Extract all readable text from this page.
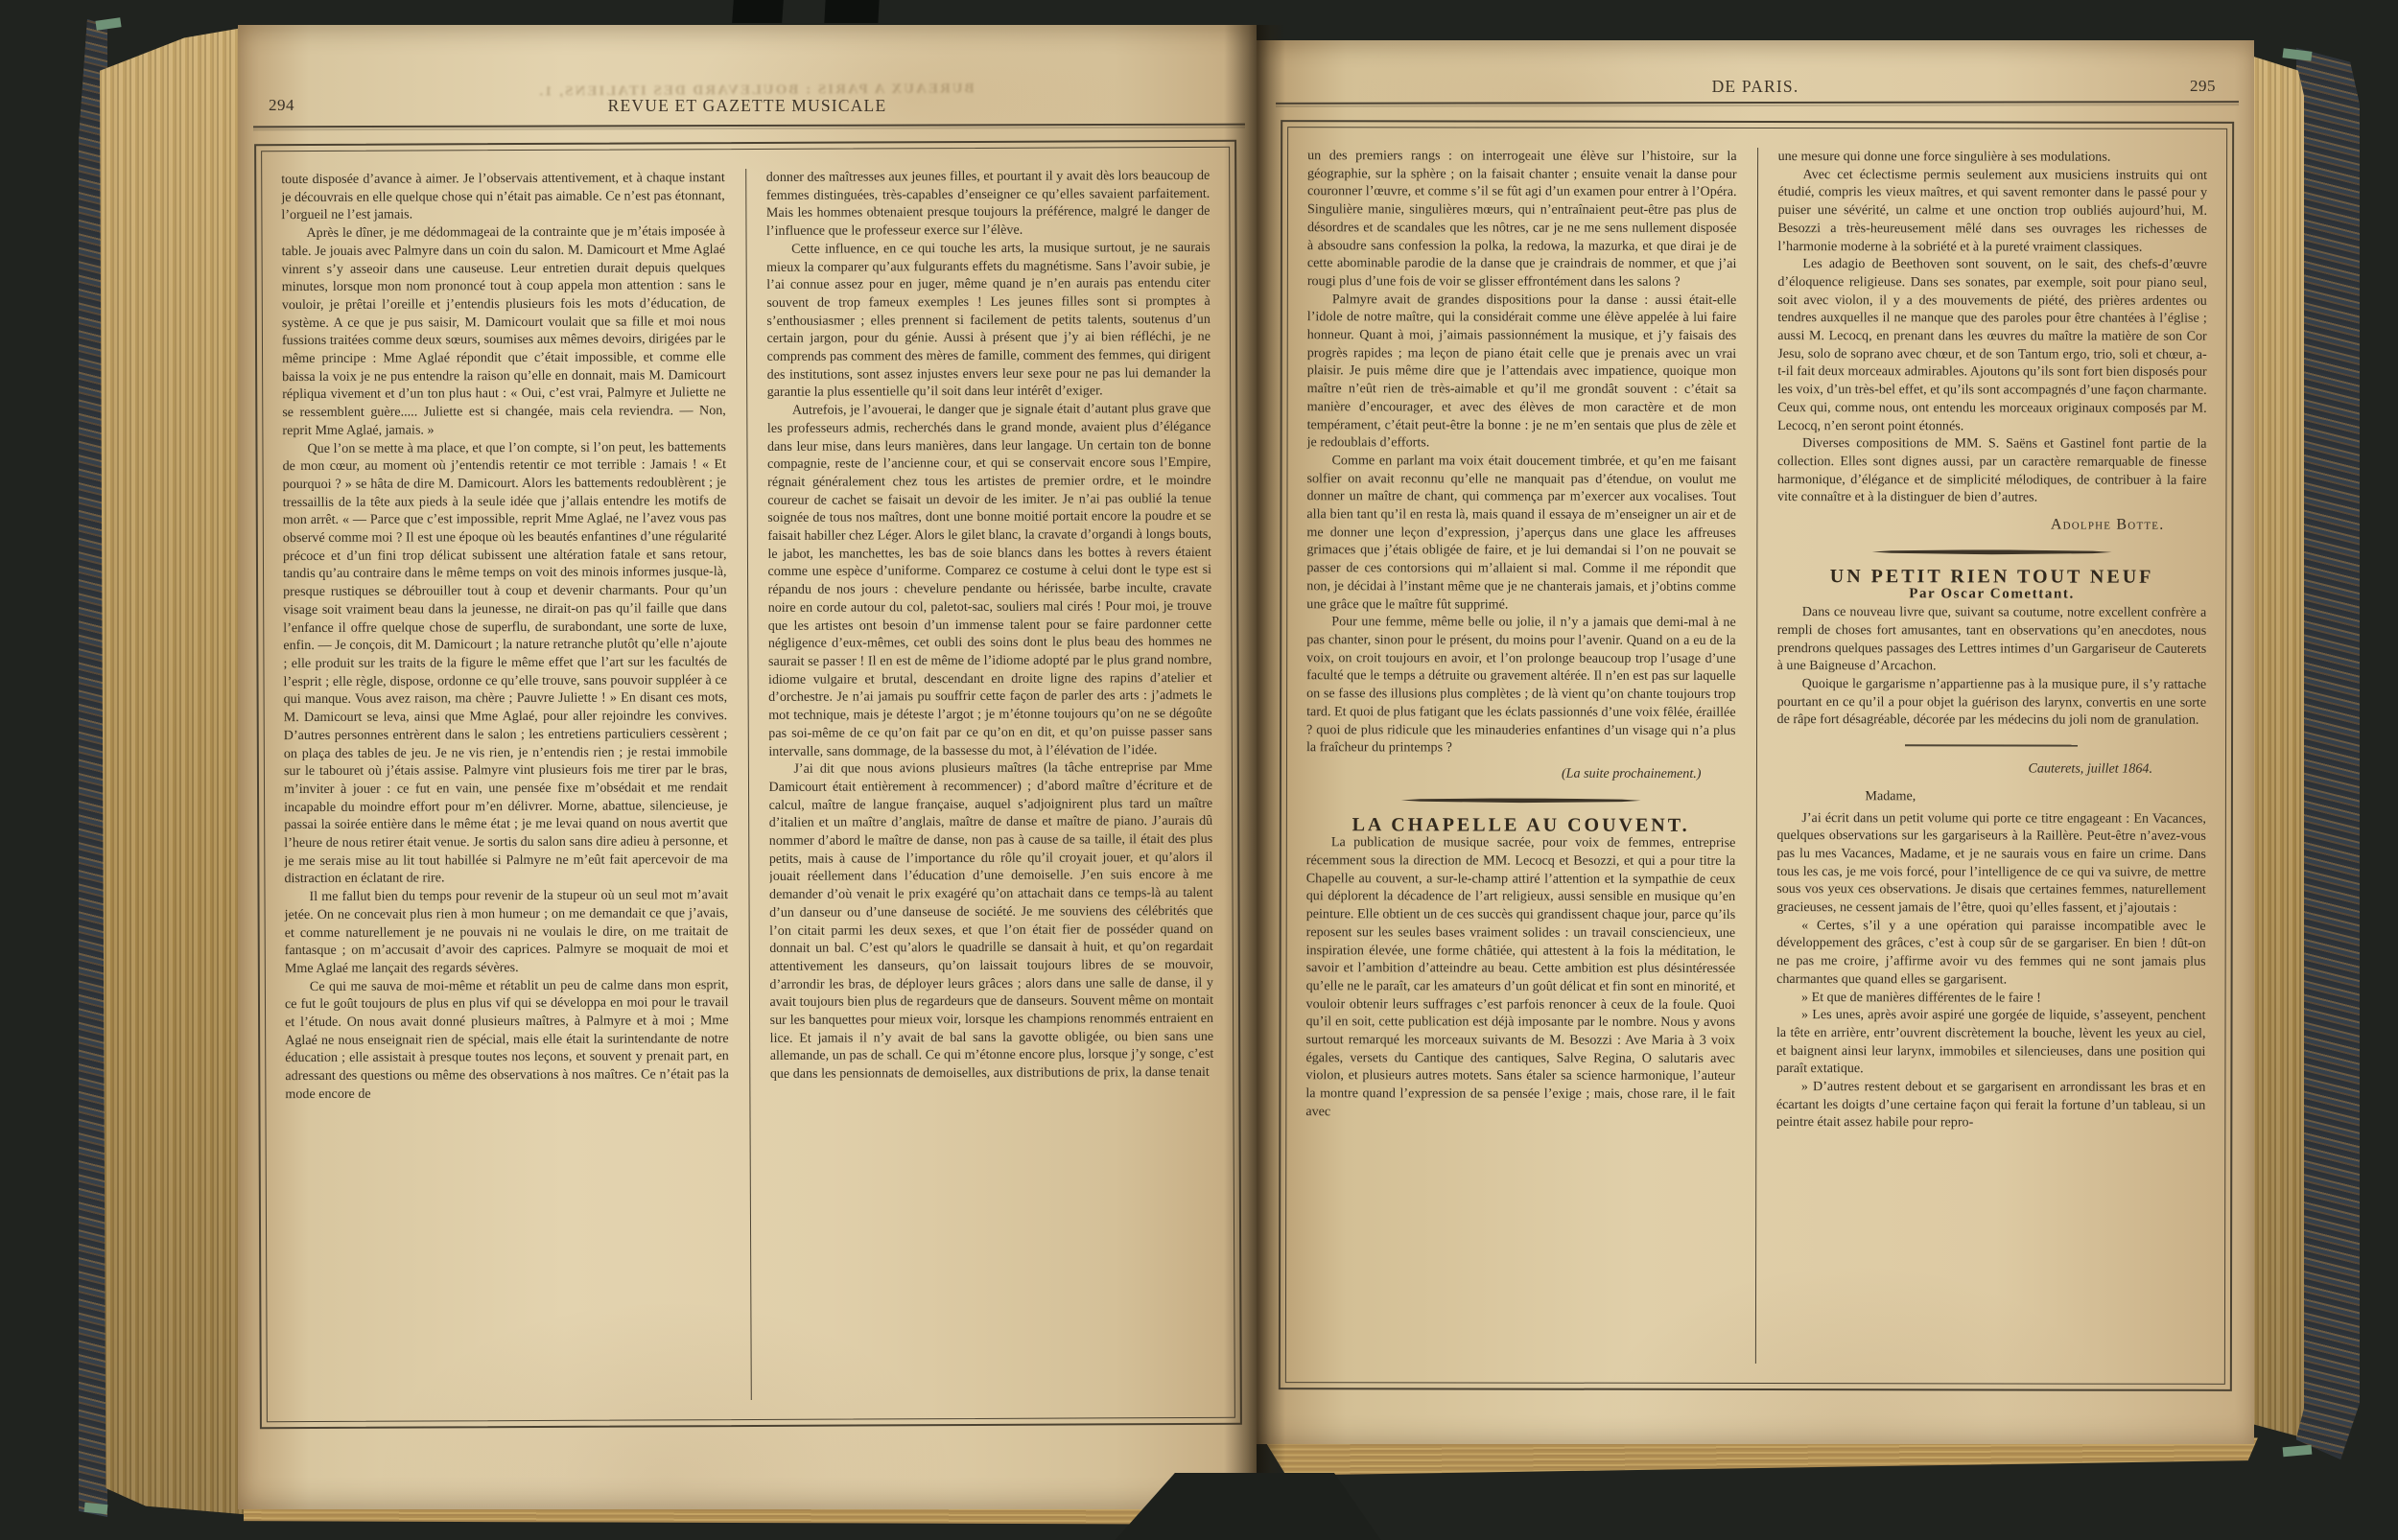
BUREAUX A PARIS : BOULEVARD DES ITALIENS, 1.
294	REVUE ET GAZETTE MUSICALE

toute disposée d’avance à aimer. Je l’observais attentivement, et à chaque instant je découvrais en elle quelque chose qui n’était pas aimable. Ce n’est pas étonnant, l’orgueil ne l’est jamais.

Après le dîner, je me dédommageai de la contrainte que je m’étais imposée à table. Je jouais avec Palmyre dans un coin du salon. M. Damicourt et Mme Aglaé vinrent s’y asseoir dans une causeuse. Leur entretien durait depuis quelques minutes, lorsque mon nom prononcé tout à coup appela mon attention : sans le vouloir, je prêtai l’oreille et j’entendis plusieurs fois les mots d’éducation, de système. A ce que je pus saisir, M. Damicourt voulait que sa fille et moi nous fussions traitées comme deux sœurs, soumises aux mêmes devoirs, dirigées par le même principe : Mme Aglaé répondit que c’était impossible, et comme elle baissa la voix je ne pus entendre la raison qu’elle en donnait, mais M. Damicourt répliqua vivement et d’un ton plus haut : « Oui, c’est vrai, Palmyre et Juliette ne se ressemblent guère..... Juliette est si changée, mais cela reviendra. — Non, reprit Mme Aglaé, jamais. »

Que l’on se mette à ma place, et que l’on compte, si l’on peut, les battements de mon cœur, au moment où j’entendis retentir ce mot terrible : Jamais ! « Et pourquoi ? » se hâta de dire M. Damicourt. Alors les battements redoublèrent ; je tressaillis de la tête aux pieds à la seule idée que j’allais entendre les motifs de mon arrêt. « — Parce que c’est impossible, reprit Mme Aglaé, ne l’avez vous pas observé comme moi ? Il est une époque où les beautés enfantines d’une régularité précoce et d’un fini trop délicat subissent une altération fatale et sans retour, tandis qu’au contraire dans le même temps on voit des minois informes jusque-là, presque rustiques se débrouiller tout à coup et devenir charmants. Pour qu’un visage soit vraiment beau dans la jeunesse, ne dirait-on pas qu’il faille que dans l’enfance il offre quelque chose de superflu, de surabondant, une sorte de luxe, enfin. — Je conçois, dit M. Damicourt ; la nature retranche plutôt qu’elle n’ajoute ; elle produit sur les traits de la figure le même effet que l’art sur les facultés de l’esprit ; elle règle, dispose, ordonne ce qu’elle trouve, sans pouvoir suppléer à ce qui manque. Vous avez raison, ma chère ; Pauvre Juliette ! » En disant ces mots, M. Damicourt se leva, ainsi que Mme Aglaé, pour aller rejoindre les convives. D’autres personnes entrèrent dans le salon ; les entretiens particuliers cessèrent ; on plaça des tables de jeu. Je ne vis rien, je n’entendis rien ; je restai immobile sur le tabouret où j’étais assise. Palmyre vint plusieurs fois me tirer par le bras, m’inviter à jouer : ce fut en vain, une pensée fixe m’obsédait et me rendait incapable du moindre effort pour m’en délivrer. Morne, abattue, silencieuse, je passai la soirée entière dans le même état ; je me levai quand on nous avertit que l’heure de nous retirer était venue. Je sortis du salon sans dire adieu à personne, et je me serais mise au lit tout habillée si Palmyre ne m’eût fait apercevoir de ma distraction en éclatant de rire.

Il me fallut bien du temps pour revenir de la stupeur où un seul mot m’avait jetée. On ne concevait plus rien à mon humeur ; on me demandait ce que j’avais, et comme naturellement je ne pouvais ni ne voulais le dire, on me traitait de fantasque ; on m’accusait d’avoir des caprices. Palmyre se moquait de moi et Mme Aglaé me lançait des regards sévères.

Ce qui me sauva de moi-même et rétablit un peu de calme dans mon esprit, ce fut le goût toujours de plus en plus vif qui se développa en moi pour le travail et l’étude. On nous avait donné plusieurs maîtres, à Palmyre et à moi ; Mme Aglaé ne nous enseignait rien de spécial, mais elle était la surintendante de notre éducation ; elle assistait à presque toutes nos leçons, et souvent y prenait part, en adressant des questions ou même des observations à nos maîtres. Ce n’était pas la mode encore de

donner des maîtresses aux jeunes filles, et pourtant il y avait dès lors beaucoup de femmes distinguées, très-capables d’enseigner ce qu’elles savaient parfaitement. Mais les hommes obtenaient presque toujours la préférence, malgré le danger de l’influence que le professeur exerce sur l’élève.

Cette influence, en ce qui touche les arts, la musique surtout, je ne saurais mieux la comparer qu’aux fulgurants effets du magnétisme. Sans l’avoir subie, je l’ai connue assez pour en juger, même quand je n’en aurais pas entendu citer souvent de trop fameux exemples ! Les jeunes filles sont si promptes à s’enthousiasmer ; elles prennent si facilement de petits talents, soutenus d’un certain jargon, pour du génie. Aussi à présent que j’y ai bien réfléchi, je ne comprends pas comment des mères de famille, comment des femmes, qui dirigent des institutions, sont assez injustes envers leur sexe pour ne pas lui demander la garantie la plus essentielle qu’il soit dans leur intérêt d’exiger.

Autrefois, je l’avouerai, le danger que je signale était d’autant plus grave que les professeurs admis, recherchés dans le grand monde, avaient plus d’élégance dans leur mise, dans leurs manières, dans leur langage. Un certain ton de bonne compagnie, reste de l’ancienne cour, et qui se conservait encore sous l’Empire, régnait généralement chez tous les artistes de premier ordre, et le moindre coureur de cachet se faisait un devoir de les imiter. Je n’ai pas oublié la tenue soignée de tous nos maîtres, dont une bonne moitié portait encore la poudre et se faisait habiller chez Léger. Alors le gilet blanc, la cravate d’organdi à longs bouts, le jabot, les manchettes, les bas de soie blancs dans les bottes à revers étaient comme une espèce d’uniforme. Comparez ce costume à celui dont le type est si répandu de nos jours : chevelure pendante ou hérissée, barbe inculte, cravate noire en corde autour du col, paletot-sac, souliers mal cirés ! Pour moi, je trouve que les artistes ont besoin d’un immense talent pour se faire pardonner cette négligence d’eux-mêmes, cet oubli des soins dont le plus beau des hommes ne saurait se passer ! Il en est de même de l’idiome adopté par le plus grand nombre, idiome vulgaire et brutal, descendant en droite ligne des rapins d’atelier et d’orchestre. Je n’ai jamais pu souffrir cette façon de parler des arts : j’admets le mot technique, mais je déteste l’argot ; je m’étonne toujours qu’on ne se dégoûte pas soi-même de ce qu’on fait par ce qu’on en dit, et qu’on puisse passer sans intervalle, sans dommage, de la bassesse du mot, à l’élévation de l’idée.

J’ai dit que nous avions plusieurs maîtres (la tâche entreprise par Mme Damicourt était entièrement à recommencer) ; d’abord maître d’écriture et de calcul, maître de langue française, auquel s’adjoignirent plus tard un maître d’italien et un maître d’anglais, maître de danse et maître de piano. J’aurais dû nommer d’abord le maître de danse, non pas à cause de sa taille, il était des plus petits, mais à cause de l’importance du rôle qu’il croyait jouer, et qu’alors il jouait réellement dans l’éducation d’une demoiselle. J’en suis encore à me demander d’où venait le prix exagéré qu’on attachait dans ce temps-là au talent d’un danseur ou d’une danseuse de société. Je me souviens des célébrités que l’on citait parmi les deux sexes, et que l’on était fier de posséder quand on donnait un bal. C’est qu’alors le quadrille se dansait à huit, et qu’on regardait attentivement les danseurs, qu’on laissait toujours libres de se mouvoir, d’arrondir les bras, de déployer leurs grâces ; alors dans une salle de danse, il y avait toujours bien plus de regardeurs que de danseurs. Souvent même on montait sur les banquettes pour mieux voir, lorsque les champions renommés entraient en lice. Et jamais il n’y avait de bal sans la gavotte obligée, ou bien sans une allemande, un pas de schall. Ce qui m’étonne encore plus, lorsque j’y songe, c’est que dans les pensionnats de demoiselles, aux distributions de prix, la danse tenait

DE PARIS.	295

un des premiers rangs : on interrogeait une élève sur l’histoire, sur la géographie, sur la sphère ; on la faisait chanter ; ensuite venait la danse pour couronner l’œuvre, et comme s’il se fût agi d’un examen pour entrer à l’Opéra. Singulière manie, singulières mœurs, qui n’entraînaient peut-être pas plus de désordres et de scandales que les nôtres, car je ne me sens nullement disposée à absoudre sans confession la polka, la redowa, la mazurka, et que dirai je de cette abominable parodie de la danse que je craindrais de nommer, et que j’ai rougi plus d’une fois de voir se glisser effrontément dans les salons ?

Palmyre avait de grandes dispositions pour la danse : aussi était-elle l’idole de notre maître, qui la considérait comme une élève appelée à lui faire honneur. Quant à moi, j’aimais passionnément la musique, et j’y faisais des progrès rapides ; ma leçon de piano était celle que je prenais avec un vrai plaisir. Je puis même dire que je l’attendais avec impatience, quoique mon maître n’eût rien de très-aimable et qu’il me grondât souvent : c’était sa manière d’encourager, et avec des élèves de mon caractère et de mon tempérament, c’était peut-être la bonne : je ne m’en sentais que plus de zèle et je redoublais d’efforts.

Comme en parlant ma voix était doucement timbrée, et qu’en me faisant solfier on avait reconnu qu’elle ne manquait pas d’étendue, on voulut me donner un maître de chant, qui commença par m’exercer aux vocalises. Tout alla bien tant qu’il en resta là, mais quand il essaya de m’enseigner un air et de me donner une leçon d’expression, j’aperçus dans une glace les affreuses grimaces que j’étais obligée de faire, et je lui demandai si l’on ne pouvait se passer de ces contorsions qui m’allaient si mal. Comme il me répondit que non, je décidai à l’instant même que je ne chanterais jamais, et j’obtins comme une grâce que le maître fût supprimé.

Pour une femme, même belle ou jolie, il n’y a jamais que demi-mal à ne pas chanter, sinon pour le présent, du moins pour l’avenir. Quand on a eu de la voix, on croit toujours en avoir, et l’on prolonge beaucoup trop l’usage d’une faculté que le temps a détruite ou gravement altérée. Il n’en est pas sur laquelle on se fasse des illusions plus complètes ; de là vient qu’on chante toujours trop tard. Et quoi de plus fatigant que les éclats passionnés d’une voix fêlée, éraillée ? quoi de plus ridicule que les minauderies enfantines d’un visage qui n’a plus la fraîcheur du printemps ?

(La suite prochainement.)

LA CHAPELLE AU COUVENT.

La publication de musique sacrée, pour voix de femmes, entreprise récemment sous la direction de MM. Lecocq et Besozzi, et qui a pour titre la Chapelle au couvent, a sur-le-champ attiré l’attention et la sympathie de ceux qui déplorent la décadence de l’art religieux, aussi sensible en musique qu’en peinture. Elle obtient un de ces succès qui grandissent chaque jour, parce qu’ils reposent sur les seules bases vraiment solides : un travail consciencieux, une inspiration élevée, une forme châtiée, qui attestent à la fois la méditation, le savoir et l’ambition d’atteindre au beau. Cette ambition est plus désintéressée qu’elle ne le paraît, car les amateurs d’un goût délicat et fin sont en minorité, et vouloir obtenir leurs suffrages c’est parfois renoncer à ceux de la foule. Quoi qu’il en soit, cette publication est déjà imposante par le nombre. Nous y avons surtout remarqué les morceaux suivants de M. Besozzi : Ave Maria à 3 voix égales, versets du Cantique des cantiques, Salve Regina, O salutaris avec violon, et plusieurs autres motets. Sans étaler sa science harmonique, l’auteur la montre quand l’expression de sa pensée l’exige ; mais, chose rare, il le fait avec

une mesure qui donne une force singulière à ses modulations.

Avec cet éclectisme permis seulement aux musiciens instruits qui ont étudié, compris les vieux maîtres, et qui savent remonter dans le passé pour y puiser une sévérité, un calme et une onction trop oubliés aujourd’hui, M. Besozzi a très-heureusement mêlé dans ses ouvrages les richesses de l’harmonie moderne à la sobriété et à la pureté vraiment classiques.

Les adagio de Beethoven sont souvent, on le sait, des chefs-d’œuvre d’éloquence religieuse. Dans ses sonates, par exemple, soit pour piano seul, soit avec violon, il y a des mouvements de piété, des prières ardentes ou tendres auxquelles il ne manque que des paroles pour être chantées à l’église ; aussi M. Lecocq, en prenant dans les œuvres du maître la matière de son Cor Jesu, solo de soprano avec chœur, et de son Tantum ergo, trio, soli et chœur, a-t-il fait deux morceaux admirables. Ajoutons qu’ils sont fort bien disposés pour les voix, d’un très-bel effet, et qu’ils sont accompagnés d’une façon charmante. Ceux qui, comme nous, ont entendu les morceaux originaux composés par M. Lecocq, n’en seront point étonnés.

Diverses compositions de MM. S. Saëns et Gastinel font partie de la collection. Elles sont dignes aussi, par un caractère remarquable de finesse harmonique, d’élégance et de simplicité mélodiques, de contribuer à la faire vite connaître et à la distinguer de bien d’autres.

Adolphe Botte.

UN PETIT RIEN TOUT NEUF

Par Oscar Comettant.

Dans ce nouveau livre que, suivant sa coutume, notre excellent confrère a rempli de choses fort amusantes, tant en observations qu’en anecdotes, nous prendrons quelques passages des Lettres intimes d’un Gargariseur de Cauterets à une Baigneuse d’Arcachon.

Quoique le gargarisme n’appartienne pas à la musique pure, il s’y rattache pourtant en ce qu’il a pour objet la guérison des larynx, convertis en une sorte de râpe fort désagréable, décorée par les médecins du joli nom de granulation.

Cauterets, juillet 1864.

Madame,

J’ai écrit dans un petit volume qui porte ce titre engageant : En Vacances, quelques observations sur les gargariseurs à la Raillère. Peut-être n’avez-vous pas lu mes Vacances, Madame, et je ne saurais vous en faire un crime. Dans tous les cas, je me vois forcé, pour l’intelligence de ce qui va suivre, de mettre sous vos yeux ces observations. Je disais que certaines femmes, naturellement gracieuses, ne cessent jamais de l’être, quoi qu’elles fassent, et j’ajoutais :

« Certes, s’il y a une opération qui paraisse incompatible avec le développement des grâces, c’est à coup sûr de se gargariser. En bien ! dût-on ne pas me croire, j’affirme avoir vu des femmes qui ne sont jamais plus charmantes que quand elles se gargarisent.

» Et que de manières différentes de le faire !

» Les unes, après avoir aspiré une gorgée de liquide, s’asseyent, penchent la tête en arrière, entr’ouvrent discrètement la bouche, lèvent les yeux au ciel, et baignent ainsi leur larynx, immobiles et silencieuses, dans une position qui paraît extatique.

» D’autres restent debout et se gargarisent en arrondissant les bras et en écartant les doigts d’une certaine façon qui ferait la fortune d’un tableau, si un peintre était assez habile pour repro-
